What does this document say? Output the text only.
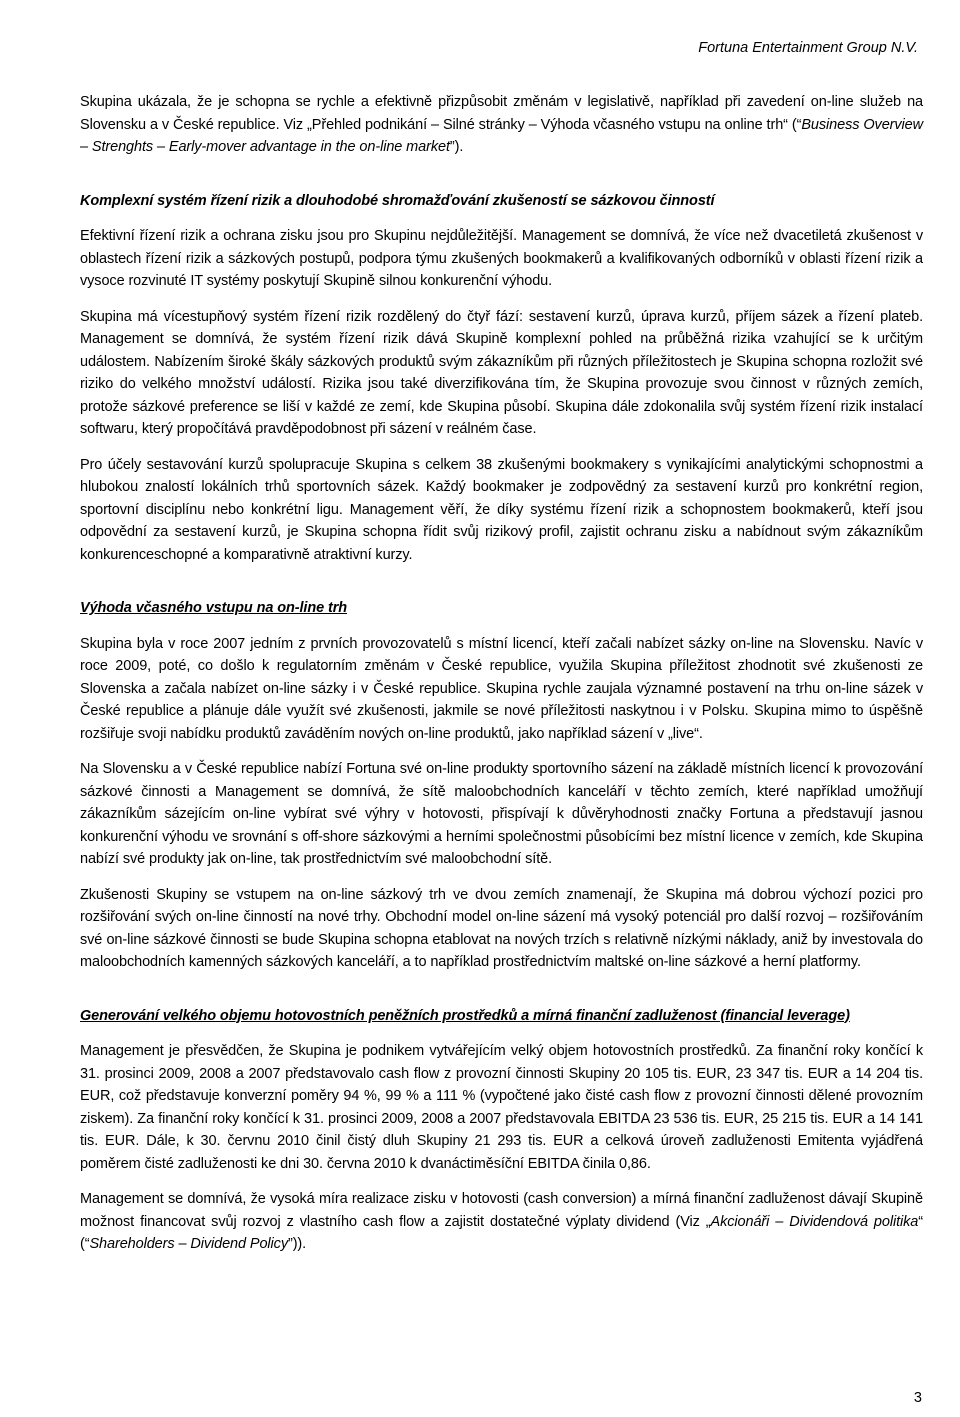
Fortuna Entertainment Group N.V.

Skupina ukázala, že je schopna se rychle a efektivně přizpůsobit změnám v legislativě, například při zavedení on-line služeb na Slovensku a v České republice. Viz „Přehled podnikání – Silné stránky – Výhoda včasného vstupu na online trh“ (“Business Overview – Strenghts – Early-mover advantage in the on-line market”).

Komplexní systém řízení rizik a dlouhodobé shromažďování zkušeností se sázkovou činností

Efektivní řízení rizik a ochrana zisku jsou pro Skupinu nejdůležitější. Management se domnívá, že více než dvacetiletá zkušenost v oblastech řízení rizik a sázkových postupů, podpora týmu zkušených bookmakerů a kvalifikovaných odborníků v oblasti řízení rizik a vysoce rozvinuté IT systémy poskytují Skupině silnou konkurenční výhodu.

Skupina má vícestupňový systém řízení rizik rozdělený do čtyř fází: sestavení kurzů, úprava kurzů, příjem sázek a řízení plateb. Management se domnívá, že systém řízení rizik dává Skupině komplexní pohled na průběžná rizika vzahující se k určitým událostem. Nabízením široké škály sázkových produktů svým zákazníkům při různých příležitostech je Skupina schopna rozložit své riziko do velkého množství událostí. Rizika jsou také diverzifikována tím, že Skupina provozuje svou činnost v různých zemích, protože sázkové preference se liší v každé ze zemí, kde Skupina působí. Skupina dále zdokonalila svůj systém řízení rizik instalací softwaru, který propočítává pravděpodobnost při sázení v reálném čase.

Pro účely sestavování kurzů spolupracuje Skupina s celkem 38 zkušenými bookmakery s vynikajícími analytickými schopnostmi a hlubokou znalostí lokálních trhů sportovních sázek. Každý bookmaker je zodpovědný za sestavení kurzů pro konkrétní region, sportovní disciplínu nebo konkrétní ligu. Management věří, že díky systému řízení rizik a schopnostem bookmakerů, kteří jsou odpovědní za sestavení kurzů, je Skupina schopna řídit svůj rizikový profil, zajistit ochranu zisku a nabídnout svým zákazníkům konkurenceschopné a komparativně atraktivní kurzy.

Výhoda včasného vstupu na on-line trh

Skupina byla v roce 2007 jedním z prvních provozovatelů s místní licencí, kteří začali nabízet sázky on-line na Slovensku. Navíc v roce 2009, poté, co došlo k regulatorním změnám v České republice, využila Skupina příležitost zhodnotit své zkušenosti ze Slovenska a začala nabízet on-line sázky i v České republice. Skupina rychle zaujala významné postavení na trhu on-line sázek v České republice a plánuje dále využít své zkušenosti, jakmile se nové příležitosti naskytnou i v Polsku. Skupina mimo to úspěšně rozšiřuje svoji nabídku produktů zaváděním nových on-line produktů, jako například sázení v „live“.

Na Slovensku a v České republice nabízí Fortuna své on-line produkty sportovního sázení na základě místních licencí k provozování sázkové činnosti a Management se domnívá, že sítě maloobchodních kanceláří v těchto zemích, které například umožňují zákazníkům sázejícím on-line vybírat své výhry v hotovosti, přispívají k důvěryhodnosti značky Fortuna a představují jasnou konkurenční výhodu ve srovnání s off-shore sázkovými a herními společnostmi působícími bez místní licence v zemích, kde Skupina nabízí své produkty jak on-line, tak prostřednictvím své maloobchodní sítě.

Zkušenosti Skupiny se vstupem na on-line sázkový trh ve dvou zemích znamenají, že Skupina má dobrou výchozí pozici pro rozšiřování svých on-line činností na nové trhy. Obchodní model on-line sázení má vysoký potenciál pro další rozvoj – rozšiřováním své on-line sázkové činnosti se bude Skupina schopna etablovat na nových trzích s relativně nízkými náklady, aniž by investovala do maloobchodních kamenných sázkových kanceláří, a to například prostřednictvím maltské on-line sázkové a herní platformy.

Generování velkého objemu hotovostních peněžních prostředků a mírná finanční zadluženost (financial leverage)

Management je přesvědčen, že Skupina je podnikem vytvářejícím velký objem hotovostních prostředků. Za finanční roky končící k 31. prosinci 2009, 2008 a 2007 představovalo cash flow z provozní činnosti Skupiny 20 105 tis. EUR, 23 347 tis. EUR a 14 204 tis. EUR, což představuje konverzní poměry 94 %, 99 % a 111 % (vypočtené jako čisté cash flow z provozní činnosti dělené provozním ziskem). Za finanční roky končící k 31. prosinci 2009, 2008 a 2007 představovala EBITDA 23 536 tis. EUR, 25 215 tis. EUR a 14 141 tis. EUR. Dále, k 30. červnu 2010 činil čistý dluh Skupiny 21 293 tis. EUR a celková úroveň zadluženosti Emitenta vyjádřená poměrem čisté zadluženosti ke dni 30. června 2010 k dvanáctiměsíční EBITDA činila 0,86.

Management se domnívá, že vysoká míra realizace zisku v hotovosti (cash conversion) a mírná finanční zadluženost dávají Skupině možnost financovat svůj rozvoj z vlastního cash flow a zajistit dostatečné výplaty dividend (Viz „Akcionáři – Dividendová politika“ (“Shareholders – Dividend Policy”)).

3
